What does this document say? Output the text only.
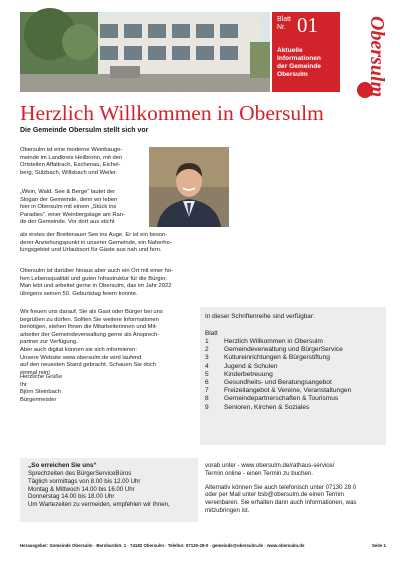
Blatt
Nr. 01
Aktuelle
Informationen
der Gemeinde
Obersulm	Obersulm
Herzlich Willkommen in Obersulm
Die Gemeinde Obersulm stellt sich vor
Obersulm ist eine moderne Weinbauge-
meinde im Landkreis Heilbronn, mit den
Ortsteilen Affaltrach, Eschenau, Eichel-
berg, Sülzbach, Willsbach und Weiler.
„Wein, Wald, See & Berge“ lautet der
Slogan der Gemeinde, denn wir leben
hier in Obersulm mit einem „Stück ins
Paradies“, einer Weinbergslage am Ran-
de der Gemeinde. Vor dort aus sticht
als erstes der Breitenauer See ins Auge. Er ist ein beson-
derer Anziehungspunkt in unserer Gemeinde, ein Naherho-
lungsgebiet und Urlaubsort für Gäste aus nah und fern.
Obersulm ist darüber hinaus aber auch ein Ort mit einer ho-
hen Lebensqualität und guten Infrastruktur für die Bürger.
Man lebt und arbeitet gerne in Obersulm, das im Jahr 2022
übrigens seinen 50. Geburtstag feiern konnte.
Wir freuen uns darauf, Sie als Gast oder Bürger bei uns
begrüßen zu dürfen. Sollten Sie weitere Informationen
benötigen, stehen Ihnen die Mitarbeiterinnen und Mit-
arbeiter der Gemeindeverwaltung gerne als Ansprech-
partner zur Verfügung.
Aber auch digital können sie sich informieren:
Unsere Website www.obersulm.de wird laufend
auf den neuesten Stand gebracht. Schauen Sie doch
einmal rein!
Herzliche Grüße
Ihr
Björn Steinbach
Bürgermeister
In dieser Schriftenreihe sind verfügbar:
Blatt
1	Herzlich Willkommen in Obersulm
2	Gemeindeverwaltung und BürgerService
3	Kultureinrichtungen & Bürgerstiftung
4	Jugend & Schulen
5	Kinderbetreuung
6	Gesundheits- und Beratungsangebot
7	Freizeitangebot & Vereine, Veranstaltungen
8	Gemeindepartnerschaften & Tourismus
9	Senioren, Kirchen & Soziales
„So erreichen Sie uns“
Sprechzeiten des BürgerServiceBüros
Täglich vormittags von 8.00 bis 12.00 Uhr
Montag & Mittwoch 14.00 bis 16.00 Uhr
Donnerstag 14.00 bis 18.00 Uhr
Um Wartezeiten zu vermeiden, empfehlen wir Ihnen,
vorab unter - www.obersulm.de/rathaus-service/
Termin online - einen Termin zu buchen.
Alternativ können Sie auch telefonisch unter 07130 28 0
oder per Mail unter bsb@obersulm.de einen Termin
vereinbaren. Sie erhalten dann auch Informationen, was
mitzubringen ist.
Herausgeber: Gemeinde Obersulm · Bernhardstr. 1 · 74182 Obersulm · Telefon: 07130-28-0 · gemeinde@obersulm.de · www.obersulm.de	Seite 1
